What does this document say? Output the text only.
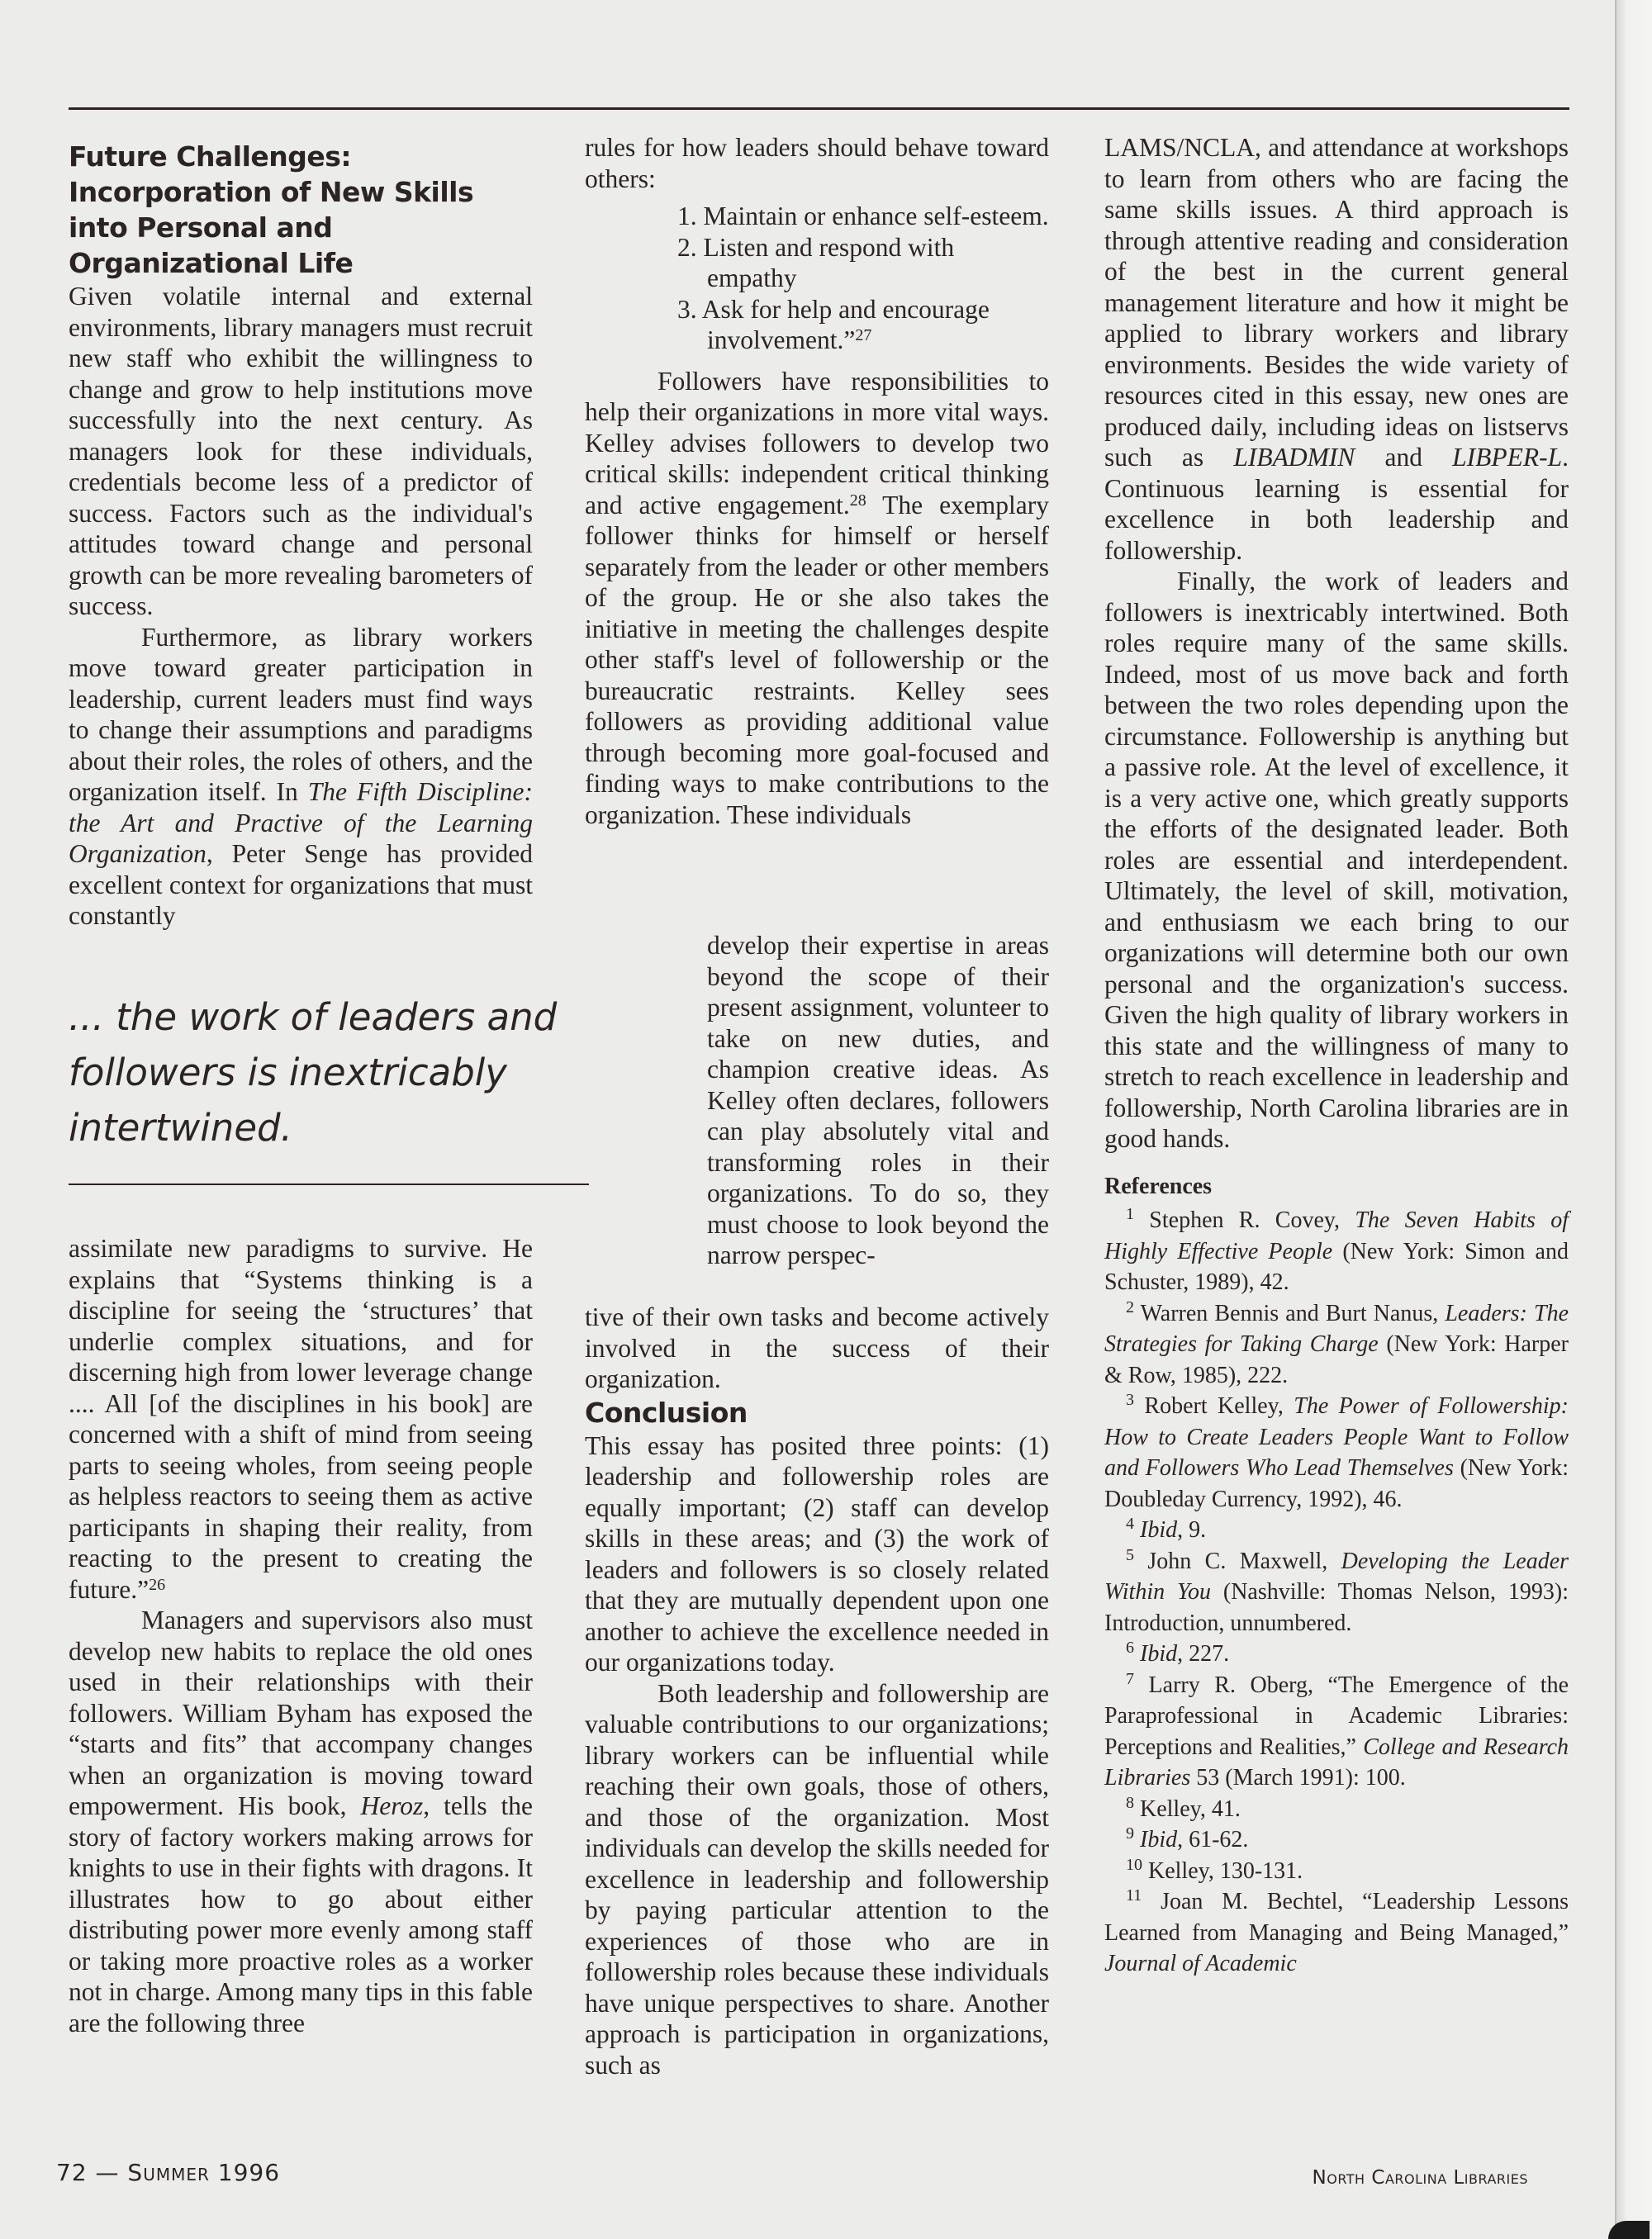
Future Challenges: Incorporation of New Skills into Personal and Organizational Life

Given volatile internal and external environments, library managers must recruit new staff who exhibit the willingness to change and grow to help institutions move successfully into the next century. As managers look for these individuals, credentials become less of a predictor of success. Factors such as the individual's attitudes toward change and personal growth can be more revealing barometers of success.

Furthermore, as library workers move toward greater participation in leadership, current leaders must find ways to change their assumptions and paradigms about their roles, the roles of others, and the organization itself. In The Fifth Discipline: the Art and Practive of the Learning Organization, Peter Senge has provided excellent context for organizations that must constantly

... the work of leaders and followers is inextricably intertwined.

assimilate new paradigms to survive. He explains that “Systems thinking is a discipline for seeing the ‘structures’ that underlie complex situations, and for discerning high from lower leverage change .... All [of the disciplines in his book] are concerned with a shift of mind from seeing parts to seeing wholes, from seeing people as helpless reactors to seeing them as active participants in shaping their reality, from reacting to the present to creating the future.”$^{26}$

Managers and supervisors also must develop new habits to replace the old ones used in their relationships with their followers. William Byham has exposed the “starts and fits” that accompany changes when an organization is moving toward empowerment. His book, Heroz, tells the story of factory workers making arrows for knights to use in their fights with dragons. It illustrates how to go about either distributing power more evenly among staff or taking more proactive roles as a worker not in charge. Among many tips in this fable are the following three

rules for how leaders should behave toward others:

1. Maintain or enhance self-esteem.
2. Listen and respond with empathy
3. Ask for help and encourage involvement.”$^{27}$

Followers have responsibilities to help their organizations in more vital ways. Kelley advises followers to develop two critical skills: independent critical thinking and active engagement.$^{28}$ The exemplary follower thinks for himself or herself separately from the leader or other members of the group. He or she also takes the initiative in meeting the challenges despite other staff's level of followership or the bureaucratic restraints. Kelley sees followers as providing additional value through becoming more goal-focused and finding ways to make contributions to the organization. These individuals

develop their expertise in areas beyond the scope of their present assignment, volunteer to take on new duties, and champion creative ideas. As Kelley often declares, followers can play absolutely vital and transforming roles in their organizations. To do so, they must choose to look beyond the narrow perspec-

tive of their own tasks and become actively involved in the success of their organization.

Conclusion

This essay has posited three points: (1) leadership and followership roles are equally important; (2) staff can develop skills in these areas; and (3) the work of leaders and followers is so closely related that they are mutually dependent upon one another to achieve the excellence needed in our organizations today.

Both leadership and followership are valuable contributions to our organizations; library workers can be influential while reaching their own goals, those of others, and those of the organization. Most individuals can develop the skills needed for excellence in leadership and followership by paying particular attention to the experiences of those who are in followership roles because these individuals have unique perspectives to share. Another approach is participation in organizations, such as

LAMS/NCLA, and attendance at workshops to learn from others who are facing the same skills issues. A third approach is through attentive reading and consideration of the best in the current general management literature and how it might be applied to library workers and library environments. Besides the wide variety of resources cited in this essay, new ones are produced daily, including ideas on listservs such as LIBADMIN and LIBPER-L. Continuous learning is essential for excellence in both leadership and followership.

Finally, the work of leaders and followers is inextricably intertwined. Both roles require many of the same skills. Indeed, most of us move back and forth between the two roles depending upon the circumstance. Followership is anything but a passive role. At the level of excellence, it is a very active one, which greatly supports the efforts of the designated leader. Both roles are essential and interdependent. Ultimately, the level of skill, motivation, and enthusiasm we each bring to our organizations will determine both our own personal and the organization's success. Given the high quality of library workers in this state and the willingness of many to stretch to reach excellence in leadership and followership, North Carolina libraries are in good hands.

References

$^1$ Stephen R. Covey, The Seven Habits of Highly Effective People (New York: Simon and Schuster, 1989), 42.

$^2$ Warren Bennis and Burt Nanus, Leaders: The Strategies for Taking Charge (New York: Harper & Row, 1985), 222.

$^3$ Robert Kelley, The Power of Followership: How to Create Leaders People Want to Follow and Followers Who Lead Themselves (New York: Doubleday Currency, 1992), 46.

$^4$ Ibid, 9.

$^5$ John C. Maxwell, Developing the Leader Within You (Nashville: Thomas Nelson, 1993): Introduction, unnumbered.

$^6$ Ibid, 227.

$^7$ Larry R. Oberg, “The Emergence of the Paraprofessional in Academic Libraries: Perceptions and Realities,” College and Research Libraries 53 (March 1991): 100.

$^8$ Kelley, 41.

$^9$ Ibid, 61-62.

$^{10}$ Kelley, 130-131.

$^{11}$ Joan M. Bechtel, “Leadership Lessons Learned from Managing and Being Managed,” Journal of Academic

72 — Summer 1996	North Carolina Libraries
